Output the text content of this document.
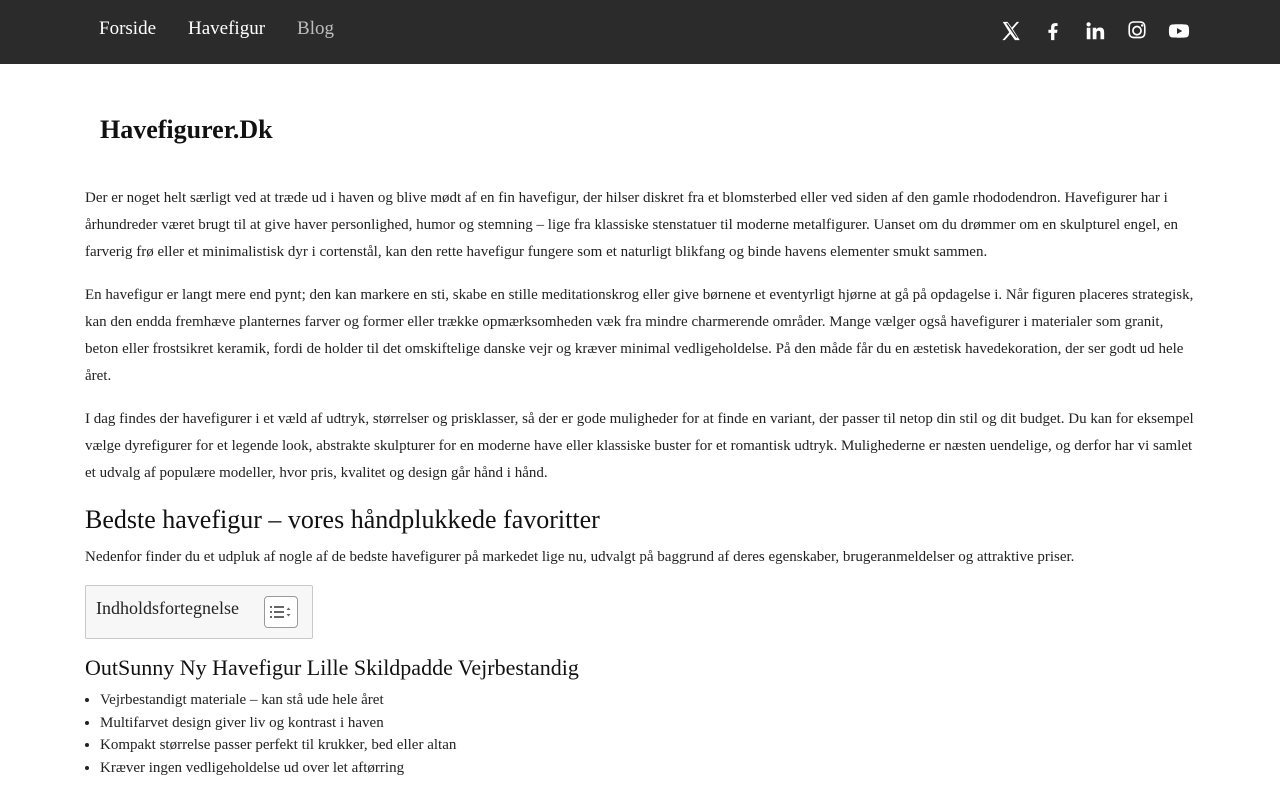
Forside Havefigur Blog
Havefigurer.Dk

Der er noget helt særligt ved at træde ud i haven og blive mødt af en fin havefigur, der hilser diskret fra et blomsterbed eller ved siden af den gamle rhododendron. Havefigurer har i århundreder været brugt til at give haver personlighed, humor og stemning – lige fra klassiske stenstatuer til moderne metalfigurer. Uanset om du drømmer om en skulpturel engel, en farverig frø eller et minimalistisk dyr i cortenstål, kan den rette havefigur fungere som et naturligt blikfang og binde havens elementer smukt sammen.

En havefigur er langt mere end pynt; den kan markere en sti, skabe en stille meditationskrog eller give børnene et eventyrligt hjørne at gå på opdagelse i. Når figuren placeres strategisk, kan den endda fremhæve planternes farver og former eller trække opmærksomheden væk fra mindre charmerende områder. Mange vælger også havefigurer i materialer som granit, beton eller frostsikret keramik, fordi de holder til det omskiftelige danske vejr og kræver minimal vedligeholdelse. På den måde får du en æstetisk havedekoration, der ser godt ud hele året.

I dag findes der havefigurer i et væld af udtryk, størrelser og prisklasser, så der er gode muligheder for at finde en variant, der passer til netop din stil og dit budget. Du kan for eksempel vælge dyrefigurer for et legende look, abstrakte skulpturer for en moderne have eller klassiske buster for et romantisk udtryk. Mulighederne er næsten uendelige, og derfor har vi samlet et udvalg af populære modeller, hvor pris, kvalitet og design går hånd i hånd.

Bedste havefigur – vores håndplukkede favoritter

Nedenfor finder du et udpluk af nogle af de bedste havefigurer på markedet lige nu, udvalgt på baggrund af deres egenskaber, brugeranmeldelser og attraktive priser.

Indholdsfortegnelse
OutSunny Ny Havefigur Lille Skildpadde Vejrbestandig
• Vejrbestandigt materiale – kan stå ude hele året
• Multifarvet design giver liv og kontrast i haven
• Kompakt størrelse passer perfekt til krukker, bed eller altan
• Kræver ingen vedligeholdelse ud over let aftørring
